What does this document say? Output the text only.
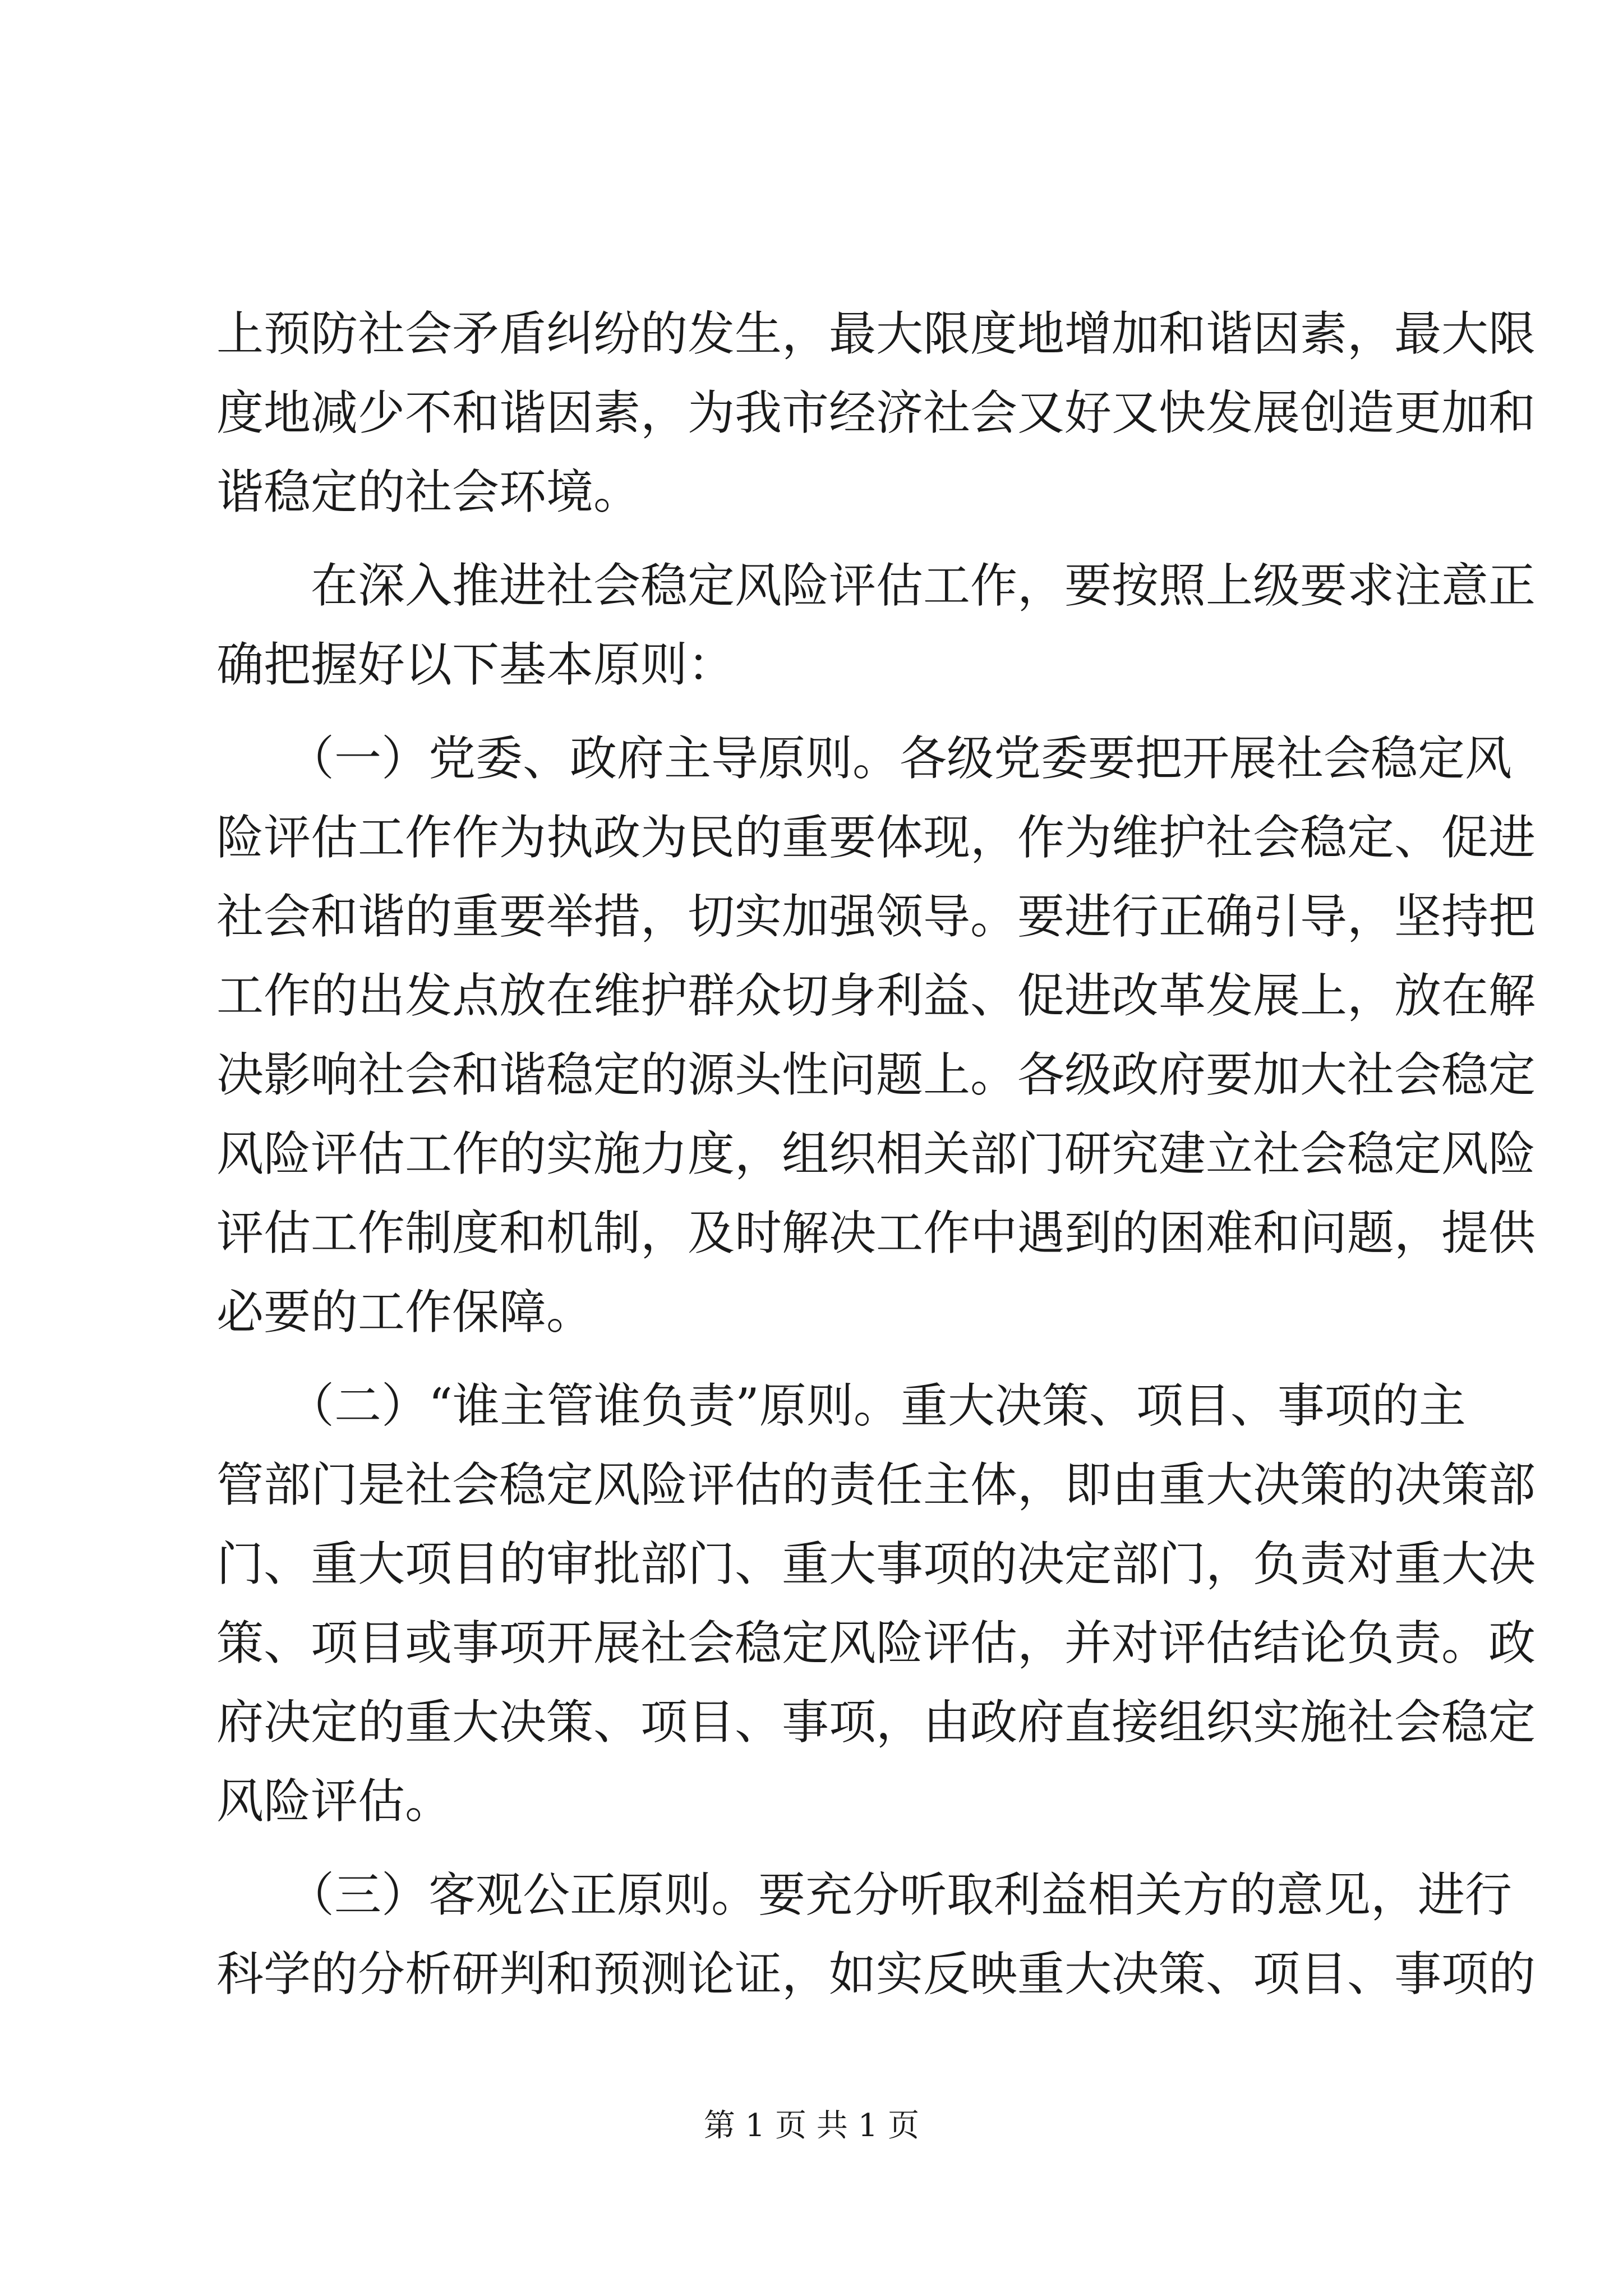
上预防社会矛盾纠纷的发生，最大限度地增加和谐因素，最大限
度地减少不和谐因素，为我市经济社会又好又快发展创造更加和
谐稳定的社会环境。
　　在深入推进社会稳定风险评估工作，要按照上级要求注意正
确把握好以下基本原则：
　　（一）党委、政府主导原则。各级党委要把开展社会稳定风
险评估工作作为执政为民的重要体现，作为维护社会稳定、促进
社会和谐的重要举措，切实加强领导。要进行正确引导，坚持把
工作的出发点放在维护群众切身利益、促进改革发展上，放在解
决影响社会和谐稳定的源头性问题上。各级政府要加大社会稳定
风险评估工作的实施力度，组织相关部门研究建立社会稳定风险
评估工作制度和机制，及时解决工作中遇到的困难和问题，提供
必要的工作保障。
　　（二）“谁主管谁负责”原则。重大决策、项目、事项的主
管部门是社会稳定风险评估的责任主体，即由重大决策的决策部
门、重大项目的审批部门、重大事项的决定部门，负责对重大决
策、项目或事项开展社会稳定风险评估，并对评估结论负责。政
府决定的重大决策、项目、事项，由政府直接组织实施社会稳定
风险评估。
　　（三）客观公正原则。要充分听取利益相关方的意见，进行
科学的分析研判和预测论证，如实反映重大决策、项目、事项的
第 1 页 共 1 页
